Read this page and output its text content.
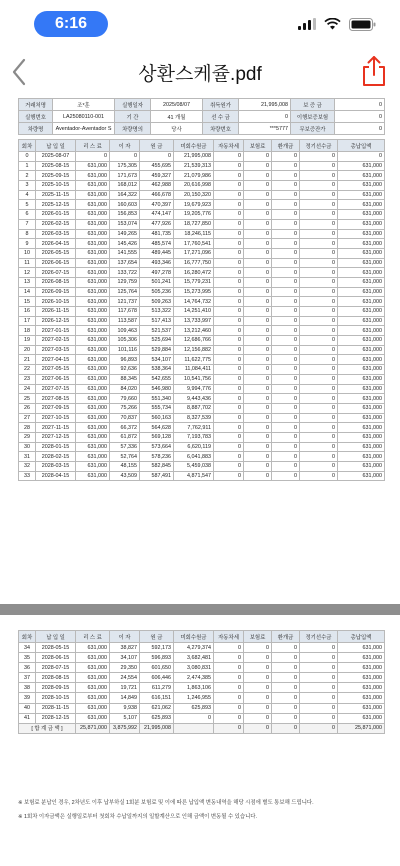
6:16
상환스케쥴.pdf
거래처명	조*훈	실행일자	2025/08/07	취득원가	21,995,008	보 증 금	0
실행번호	LA25080110-001	기 간	41 개월	선 수 금	0	이행보증보험	0
차량명	Aventador-Aventador S	차량명의	당사	차량번호	***5777	무보증잔가	0
회차	납 입 일	리 스 료	이 자	원 금	미회수원금	자동차세	보험료	환개금	정기선수금	총납입액
0	2025-08-07	0	0	0	21,995,008	0	0	0	0	0
1	2025-08-15	631,000	175,305	455,695	21,539,313	0	0	0	0	631,000
2	2025-09-15	631,000	171,673	459,327	21,079,986	0	0	0	0	631,000
3	2025-10-15	631,000	168,012	462,988	20,616,998	0	0	0	0	631,000
4	2025-11-15	631,000	164,322	466,678	20,150,320	0	0	0	0	631,000
5	2025-12-15	631,000	160,603	470,397	19,679,923	0	0	0	0	631,000
6	2026-01-15	631,000	156,853	474,147	19,205,776	0	0	0	0	631,000
7	2026-02-15	631,000	153,074	477,926	18,727,850	0	0	0	0	631,000
8	2026-03-15	631,000	149,265	481,735	18,246,115	0	0	0	0	631,000
9	2026-04-15	631,000	145,426	485,574	17,760,541	0	0	0	0	631,000
10	2026-05-15	631,000	141,555	489,445	17,271,096	0	0	0	0	631,000
11	2026-06-15	631,000	137,654	493,346	16,777,750	0	0	0	0	631,000
12	2026-07-15	631,000	133,722	497,278	16,280,472	0	0	0	0	631,000
13	2026-08-15	631,000	129,759	501,241	15,779,231	0	0	0	0	631,000
14	2026-09-15	631,000	125,764	505,236	15,273,995	0	0	0	0	631,000
15	2026-10-15	631,000	121,737	509,263	14,764,732	0	0	0	0	631,000
16	2026-11-15	631,000	117,678	513,322	14,251,410	0	0	0	0	631,000
17	2026-12-15	631,000	113,587	517,413	13,733,997	0	0	0	0	631,000
18	2027-01-15	631,000	109,463	521,537	13,212,460	0	0	0	0	631,000
19	2027-02-15	631,000	105,306	525,694	12,686,766	0	0	0	0	631,000
20	2027-03-15	631,000	101,116	529,884	12,156,882	0	0	0	0	631,000
21	2027-04-15	631,000	96,893	534,107	11,622,775	0	0	0	0	631,000
22	2027-05-15	631,000	92,636	538,364	11,084,411	0	0	0	0	631,000
23	2027-06-15	631,000	88,345	542,655	10,541,756	0	0	0	0	631,000
24	2027-07-15	631,000	84,020	546,980	9,994,776	0	0	0	0	631,000
25	2027-08-15	631,000	79,660	551,340	9,443,436	0	0	0	0	631,000
26	2027-09-15	631,000	75,266	555,734	8,887,702	0	0	0	0	631,000
27	2027-10-15	631,000	70,837	560,163	8,327,539	0	0	0	0	631,000
28	2027-11-15	631,000	66,372	564,628	7,762,911	0	0	0	0	631,000
29	2027-12-15	631,000	61,872	569,128	7,193,783	0	0	0	0	631,000
30	2028-01-15	631,000	57,336	573,664	6,620,119	0	0	0	0	631,000
31	2028-02-15	631,000	52,764	578,236	6,041,883	0	0	0	0	631,000
32	2028-03-15	631,000	48,155	582,845	5,459,038	0	0	0	0	631,000
33	2028-04-15	631,000	43,509	587,491	4,871,547	0	0	0	0	631,000
회차	납 입 일	리 스 료	이 자	원 금	미회수원금	자동차세	보험료	환개금	정기선수금	총납입액
34	2028-05-15	631,000	38,827	592,173	4,279,374	0	0	0	0	631,000
35	2028-06-15	631,000	34,107	596,893	3,682,481	0	0	0	0	631,000
36	2028-07-15	631,000	29,350	601,650	3,080,831	0	0	0	0	631,000
37	2028-08-15	631,000	24,554	606,446	2,474,385	0	0	0	0	631,000
38	2028-09-15	631,000	19,721	611,279	1,863,106	0	0	0	0	631,000
39	2028-10-15	631,000	14,849	616,151	1,246,955	0	0	0	0	631,000
40	2028-11-15	631,000	9,938	621,062	625,893	0	0	0	0	631,000
41	2028-12-15	631,000	5,107	625,893	0	0	0	0	0	631,000
[ 합 계 금 액 ]		25,871,000	3,875,992	21,995,008		0	0	0	0	25,871,000

※ 보험료 분납인 경우, 2차년도 이후 납부하실 1회분 보험료 및 이에 따른 납입액 변동내역을 해당 시점에 별도 통보해 드립니다.

※ 1회차 이자금액은 실행일로부터 첫회차 수납일까지의 일할계산으로 인해 금액이 변동될 수 있습니다.
